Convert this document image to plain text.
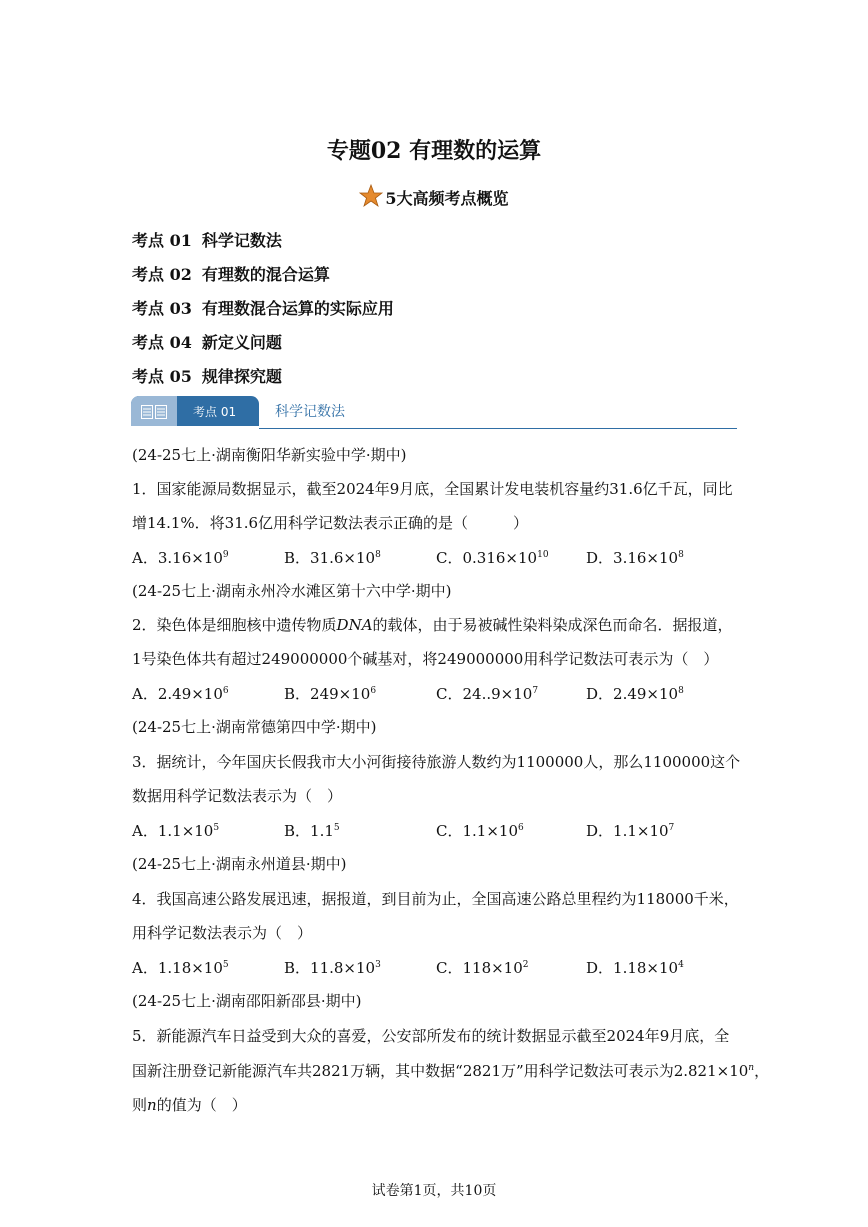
专题02 有理数的运算
5大高频考点概览
考点 01 科学记数法
考点 02 有理数的混合运算
考点 03 有理数混合运算的实际应用
考点 04 新定义问题
考点 05 规律探究题
考点 01	科学记数法
(24-25七上·湖南衡阳华新实验中学·期中)
1．国家能源局数据显示，截至2024年9月底，全国累计发电装机容量约31.6亿千瓦，同比
增14.1%．将31.6亿用科学记数法表示正确的是（　　　）
A．$3.16\times 10^9$	B．$31.6\times 10^8$	C．$0.316\times 10^{10}$ D．$3.16\times 10^8$
(24-25七上·湖南永州冷水滩区第十六中学·期中)
2．染色体是细胞核中遗传物质DNA的载体，由于易被碱性染料染成深色而命名．据报道，
1号染色体共有超过249000000个碱基对，将249000000用科学记数法可表示为（　）
A．$2.49\times 10^6$	B．$249\times 10^6$	C．$24..9\times 10^7$	D．$2.49\times 10^8$
(24-25七上·湖南常德第四中学·期中)
3．据统计，今年国庆长假我市大小河街接待旅游人数约为1100000人，那么1100000这个
数据用科学记数法表示为（　）
A．$1.1\times 10^5$	B．$1.1^5$	C．$1.1\times 10^6$	D．$1.1\times 10^7$
(24-25七上·湖南永州道县·期中)
4．我国高速公路发展迅速，据报道，到目前为止，全国高速公路总里程约为118000千米，
用科学记数法表示为（　）
A．$1.18\times 10^5$	B．$11.8\times 10^3$	C．$118\times 10^2$	D．$1.18\times 10^4$
(24-25七上·湖南邵阳新邵县·期中)
5．新能源汽车日益受到大众的喜爱，公安部所发布的统计数据显示截至2024年9月底，全
国新注册登记新能源汽车共2821万辆，其中数据“2821万”用科学记数法可表示为$2.821\times 10^n$，
则n的值为（　）
试卷第1页，共10页
